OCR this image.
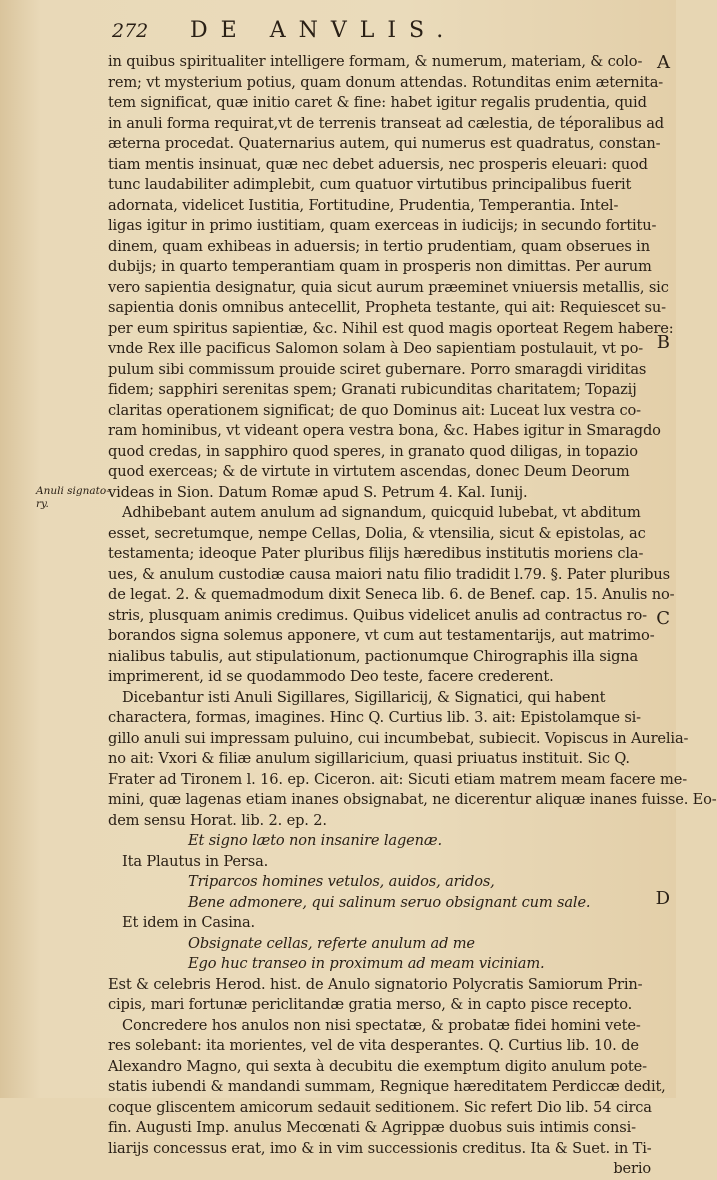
272 DE ANVLIS.
A
B
C
D
Anuli signato-
ry.
in quibus spiritualiter intelligere formam, & numerum, materiam, & colo-
rem; vt mysterium potius, quam donum attendas. Rotunditas enim æternita-
tem significat, quæ initio caret & fine: habet igitur regalis prudentia, quid
in anuli forma requirat,vt de terrenis transeat ad cælestia, de téporalibus ad
æterna procedat. Quaternarius autem, qui numerus est quadratus, constan-
tiam mentis insinuat, quæ nec debet aduersis, nec prosperis eleuari: quod
tunc laudabiliter adimplebit, cum quatuor virtutibus principalibus fuerit
adornata, videlicet Iustitia, Fortitudine, Prudentia, Temperantia. Intel-
ligas igitur in primo iustitiam, quam exerceas in iudicijs; in secundo fortitu-
dinem, quam exhibeas in aduersis; in tertio prudentiam, quam obserues in
dubijs; in quarto temperantiam quam in prosperis non dimittas. Per aurum
vero sapientia designatur, quia sicut aurum præeminet vniuersis metallis, sic
sapientia donis omnibus antecellit, Propheta testante, qui ait: Requiescet su-
per eum spiritus sapientiæ, &c. Nihil est quod magis oporteat Regem habere:
vnde Rex ille pacificus Salomon solam à Deo sapientiam postulauit, vt po-
pulum sibi commissum prouide sciret gubernare. Porro smaragdi viriditas
fidem; sapphiri serenitas spem; Granati rubicunditas charitatem; Topazij
claritas operationem significat; de quo Dominus ait: Luceat lux vestra co-
ram hominibus, vt videant opera vestra bona, &c. Habes igitur in Smaragdo
quod credas, in sapphiro quod speres, in granato quod diligas, in topazio
quod exerceas; & de virtute in virtutem ascendas, donec Deum Deorum
videas in Sion. Datum Romæ apud S. Petrum 4. Kal. Iunij.
Adhibebant autem anulum ad signandum, quicquid lubebat, vt abditum
esset, secretumque, nempe Cellas, Dolia, & vtensilia, sicut & epistolas, ac
testamenta; ideoque Pater pluribus filijs hæredibus institutis moriens cla-
ues, & anulum custodiæ causa maiori natu filio tradidit l.79. §. Pater pluribus
de legat. 2. & quemadmodum dixit Seneca lib. 6. de Benef. cap. 15. Anulis no-
stris, plusquam animis credimus. Quibus videlicet anulis ad contractus ro-
borandos signa solemus apponere, vt cum aut testamentarijs, aut matrimo-
nialibus tabulis, aut stipulationum, pactionumque Chirographis illa signa
imprimerent, id se quodammodo Deo teste, facere crederent.
Dicebantur isti Anuli Sigillares, Sigillaricij, & Signatici, qui habent
charactera, formas, imagines. Hinc Q. Curtius lib. 3. ait: Epistolamque si-
gillo anuli sui impressam puluino, cui incumbebat, subiecit. Vopiscus in Aurelia-
no ait: Vxori & filiæ anulum sigillaricium, quasi priuatus instituit. Sic Q.
Frater ad Tironem l. 16. ep. Ciceron. ait: Sicuti etiam matrem meam facere me-
mini, quæ lagenas etiam inanes obsignabat, ne dicerentur aliquæ inanes fuisse. Eo-
dem sensu Horat. lib. 2. ep. 2.
Et signo læto non insanire lagenæ.
Ita Plautus in Persa.
Triparcos homines vetulos, auidos, aridos,
Bene admonere, qui salinum seruo obsignant cum sale.
Et idem in Casina.
Obsignate cellas, referte anulum ad me
Ego huc transeo in proximum ad meam viciniam.
Est & celebris Herod. hist. de Anulo signatorio Polycratis Samiorum Prin-
cipis, mari fortunæ periclitandæ gratia merso, & in capto pisce recepto.
Concredere hos anulos non nisi spectatæ, & probatæ fidei homini vete-
res solebant: ita morientes, vel de vita desperantes. Q. Curtius lib. 10. de
Alexandro Magno, qui sexta à decubitu die exemptum digito anulum pote-
statis iubendi & mandandi summam, Regnique hæreditatem Perdiccæ dedit,
coque gliscentem amicorum sedauit seditionem. Sic refert Dio lib. 54 circa
fin. Augusti Imp. anulus Mecœnati & Agrippæ duobus suis intimis consi-
liarijs concessus erat, imo & in vim successionis creditus. Ita & Suet. in Ti-
berio
